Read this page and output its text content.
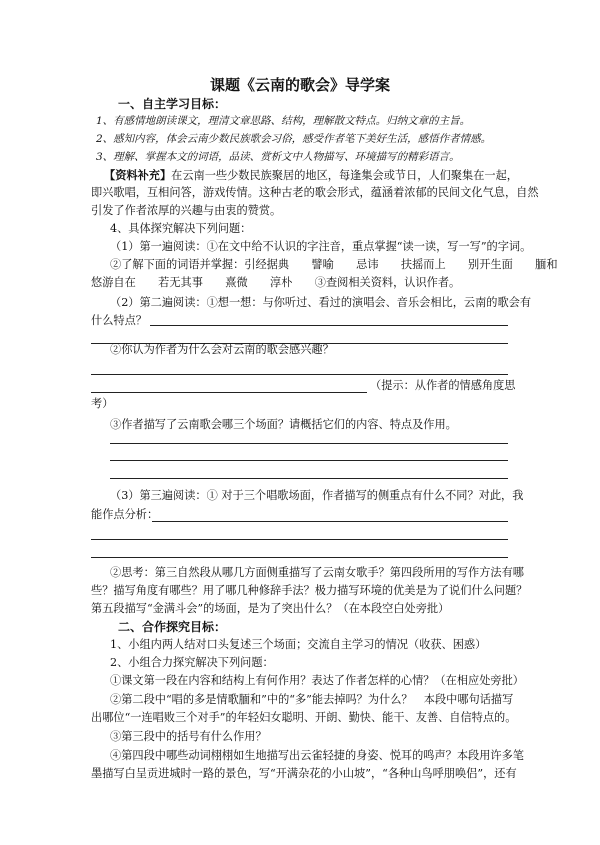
课题《云南的歌会》导学案
一、自主学习目标：
1、有感情地朗读课文，理清文章思路、结构，理解散文特点。归纳文章的主旨。
2、感知内容，体会云南少数民族歌会习俗，感受作者笔下美好生活，感悟作者情感。
3、理解、掌握本文的词语，品读、赏析文中人物描写、环境描写的精彩语言。
【资料补充】在云南一些少数民族聚居的地区，每逢集会或节日，人们聚集在一起，
即兴歌唱，互相问答，游戏传情。这种古老的歌会形式，蕴涵着浓郁的民间文化气息，自然
引发了作者浓厚的兴趣与由衷的赞赏。
4、具体探究解决下列问题：
（1）第一遍阅读：①在文中给不认识的字注音，重点掌握“读一读，写一写”的字词。
②了解下面的词语并掌握：引经据典　　譬喻　　忌讳　　扶摇而上　　别开生面　　腼和
悠游自在　　若无其事　　熹微　　淳朴　　③查阅相关资料，认识作者。
（2）第二遍阅读：①想一想：与你听过、看过的演唱会、音乐会相比，云南的歌会有
什么特点？
②你认为作者为什么会对云南的歌会感兴趣？
（提示：从作者的情感角度思
考）
③作者描写了云南歌会哪三个场面？请概括它们的内容、特点及作用。
（3）第三遍阅读：① 对于三个唱歌场面，作者描写的侧重点有什么不同？对此，我
能作点分析：
②思考：第三自然段从哪几方面侧重描写了云南女歌手？第四段所用的写作方法有哪
些？描写角度有哪些？用了哪几种修辞手法？极力描写环境的优美是为了说们什么问题？
第五段描写“金满斗会”的场面，是为了突出什么？（在本段空白处旁批）
二、合作探究目标：
1、小组内两人结对口头复述三个场面；交流自主学习的情况（收获、困惑）
2、小组合力探究解决下列问题：
①课文第一段在内容和结构上有何作用？表达了作者怎样的心情？（在相应处旁批）
②第二段中“唱的多是情歌腼和”中的“多”能去掉吗？为什么？　本段中哪句话描写
出哪位“一连唱败三个对手”的年轻妇女聪明、开朗、勤快、能干、友善、自信特点的。
③第三段中的括号有什么作用？
④第四段中哪些动词栩栩如生地描写出云雀轻捷的身姿、悦耳的鸣声？本段用许多笔
墨描写白呈贡进城时一路的景色，写“开满杂花的小山坡”，“各种山鸟呼朋唤侣”，还有
